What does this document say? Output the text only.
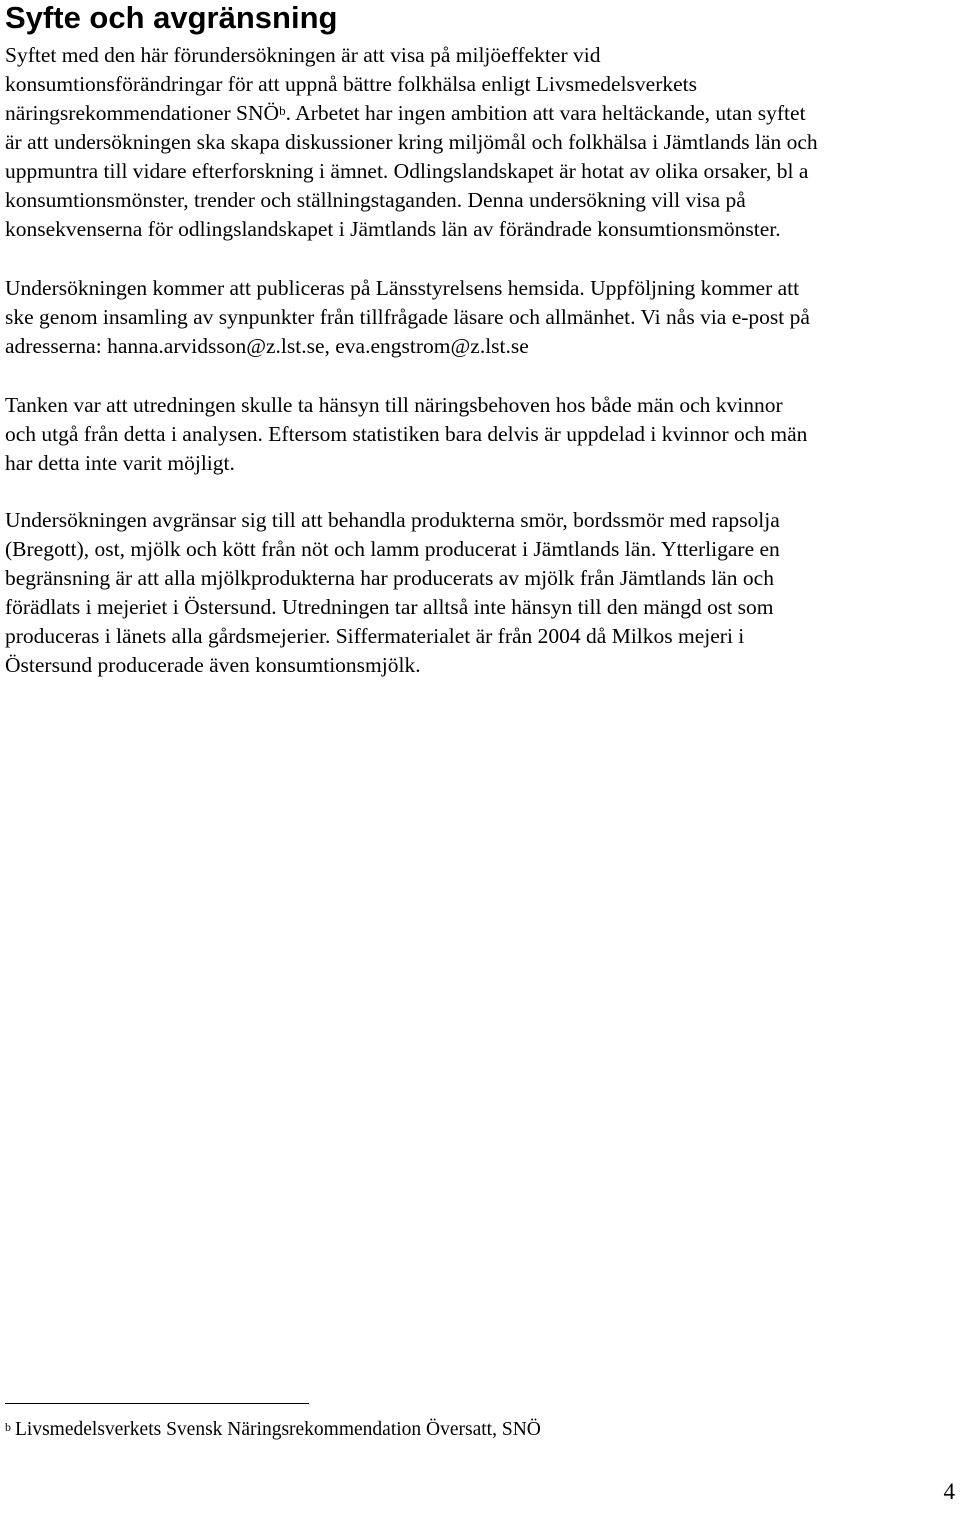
Syfte och avgränsning
Syftet med den här förundersökningen är att visa på miljöeffekter vid
konsumtionsförändringar för att uppnå bättre folkhälsa enligt Livsmedelsverkets
näringsrekommendationer SNÖ$^b$. Arbetet har ingen ambition att vara heltäckande, utan syftet
är att undersökningen ska skapa diskussioner kring miljömål och folkhälsa i Jämtlands län och
uppmuntra till vidare efterforskning i ämnet. Odlingslandskapet är hotat av olika orsaker, bl a
konsumtionsmönster, trender och ställningstaganden. Denna undersökning vill visa på
konsekvenserna för odlingslandskapet i Jämtlands län av förändrade konsumtionsmönster.
Undersökningen kommer att publiceras på Länsstyrelsens hemsida. Uppföljning kommer att
ske genom insamling av synpunkter från tillfrågade läsare och allmänhet. Vi nås via e-post på
adresserna: hanna.arvidsson@z.lst.se, eva.engstrom@z.lst.se
Tanken var att utredningen skulle ta hänsyn till näringsbehoven hos både män och kvinnor
och utgå från detta i analysen. Eftersom statistiken bara delvis är uppdelad i kvinnor och män
har detta inte varit möjligt.
Undersökningen avgränsar sig till att behandla produkterna smör, bordssmör med rapsolja
(Bregott), ost, mjölk och kött från nöt och lamm producerat i Jämtlands län. Ytterligare en
begränsning är att alla mjölkprodukterna har producerats av mjölk från Jämtlands län och
förädlats i mejeriet i Östersund. Utredningen tar alltså inte hänsyn till den mängd ost som
produceras i länets alla gårdsmejerier. Siffermaterialet är från 2004 då Milkos mejeri i
Östersund producerade även konsumtionsmjölk.

$^b$ Livsmedelsverkets Svensk Näringsrekommendation Översatt, SNÖ

4
